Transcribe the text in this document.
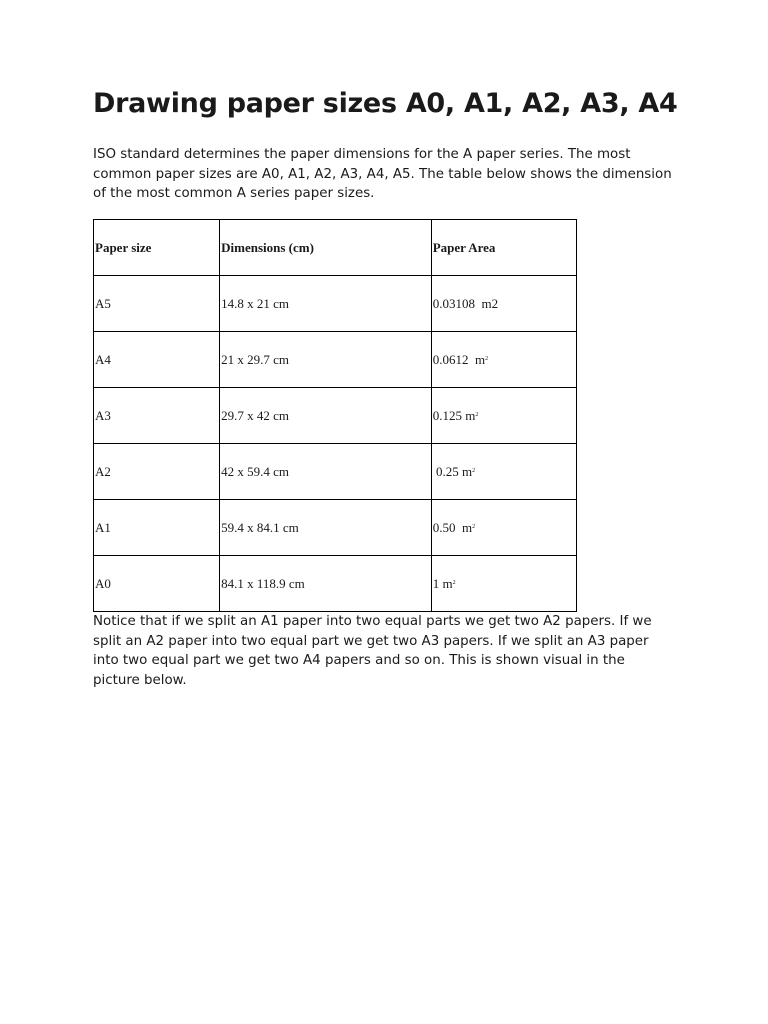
Drawing paper sizes A0, A1, A2, A3, A4

ISO standard determines the paper dimensions for the A paper series. The most common paper sizes are A0, A1, A2, A3, A4, A5. The table below shows the dimension of the most common A series paper sizes.

Paper size	Dimensions (cm)	Paper Area
A5	14.8 x 21 cm	0.03108  m2
A4	21 x 29.7 cm	0.0612  $m^2$
A3	29.7 x 42 cm	0.125 $m^2$
A2	42 x 59.4 cm	0.25 $m^2$
A1	59.4 x 84.1 cm	0.50  $m^2$
A0	84.1 x 118.9 cm	1 $m^2$

Notice that if we split an A1 paper into two equal parts we get two A2 papers. If we split an A2 paper into two equal part we get two A3 papers. If we split an A3 paper into two equal part we get two A4 papers and so on. This is shown visual in the picture below.
